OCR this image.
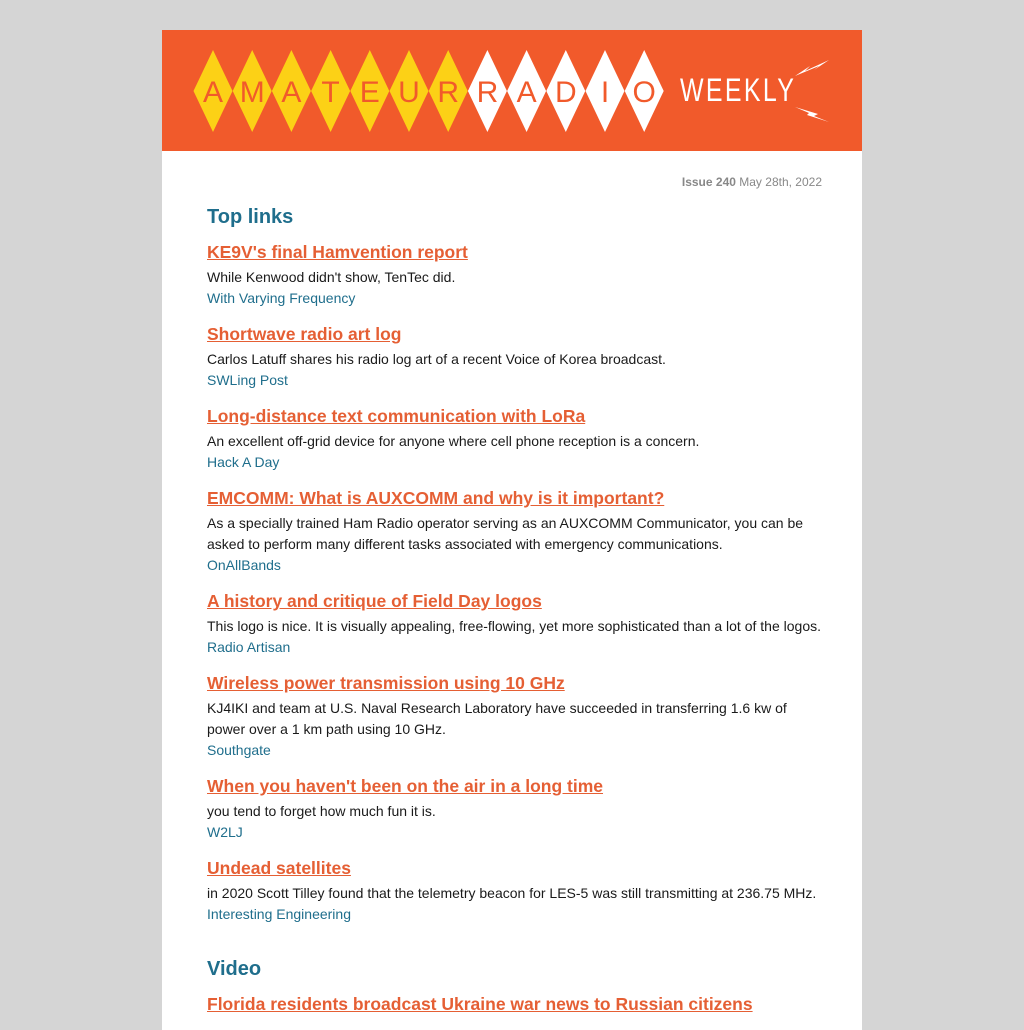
A M A T E U R R A D I O WEEKLY
Issue 240 May 28th, 2022
Top links
KE9V's final Hamvention report

While Kenwood didn't show, TenTec did.

With Varying Frequency
Shortwave radio art log

Carlos Latuff shares his radio log art of a recent Voice of Korea broadcast.

SWLing Post
Long-distance text communication with LoRa

An excellent off-grid device for anyone where cell phone reception is a concern.

Hack A Day
EMCOMM: What is AUXCOMM and why is it important?

As a specially trained Ham Radio operator serving as an AUXCOMM Communicator, you can be asked to perform many different tasks associated with emergency communications.

OnAllBands
A history and critique of Field Day logos

This logo is nice. It is visually appealing, free-flowing, yet more sophisticated than a lot of the logos.

Radio Artisan
Wireless power transmission using 10 GHz

KJ4IKI and team at U.S. Naval Research Laboratory have succeeded in transferring 1.6 kw of power over a 1 km path using 10 GHz.

Southgate
When you haven't been on the air in a long time

you tend to forget how much fun it is.

W2LJ
Undead satellites

in 2020 Scott Tilley found that the telemetry beacon for LES-5 was still transmitting at 236.75 MHz.

Interesting Engineering
Video
Florida residents broadcast Ukraine war news to Russian citizens
